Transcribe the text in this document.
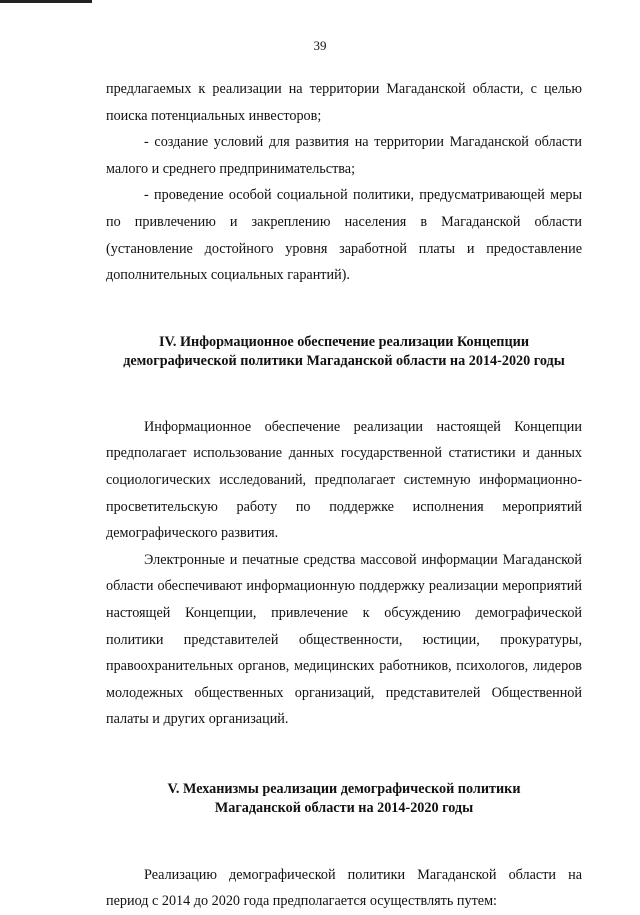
39

предлагаемых к реализации на территории Магаданской области, с целью поиска потенциальных инвесторов;

- создание условий для развития на территории Магаданской области малого и среднего предпринимательства;

- проведение особой социальной политики, предусматривающей меры по привлечению и закреплению населения в Магаданской области (установление достойного уровня заработной платы и предоставление дополнительных социальных гарантий).

IV. Информационное обеспечение реализации Концепции
демографической политики Магаданской области на 2014-2020 годы

Информационное обеспечение реализации настоящей Концепции предполагает использование данных государственной статистики и данных социологических исследований, предполагает системную информационно-просветительскую работу по поддержке исполнения мероприятий демографического развития.

Электронные и печатные средства массовой информации Магаданской области обеспечивают информационную поддержку реализации мероприятий настоящей Концепции, привлечение к обсуждению демографической политики представителей общественности, юстиции, прокуратуры, правоохранительных органов, медицинских работников, психологов, лидеров молодежных общественных организаций, представителей Общественной палаты и других организаций.

V. Механизмы реализации демографической политики
Магаданской области на 2014-2020 годы

Реализацию демографической политики Магаданской области на период с 2014 до 2020 года предполагается осуществлять путем:
